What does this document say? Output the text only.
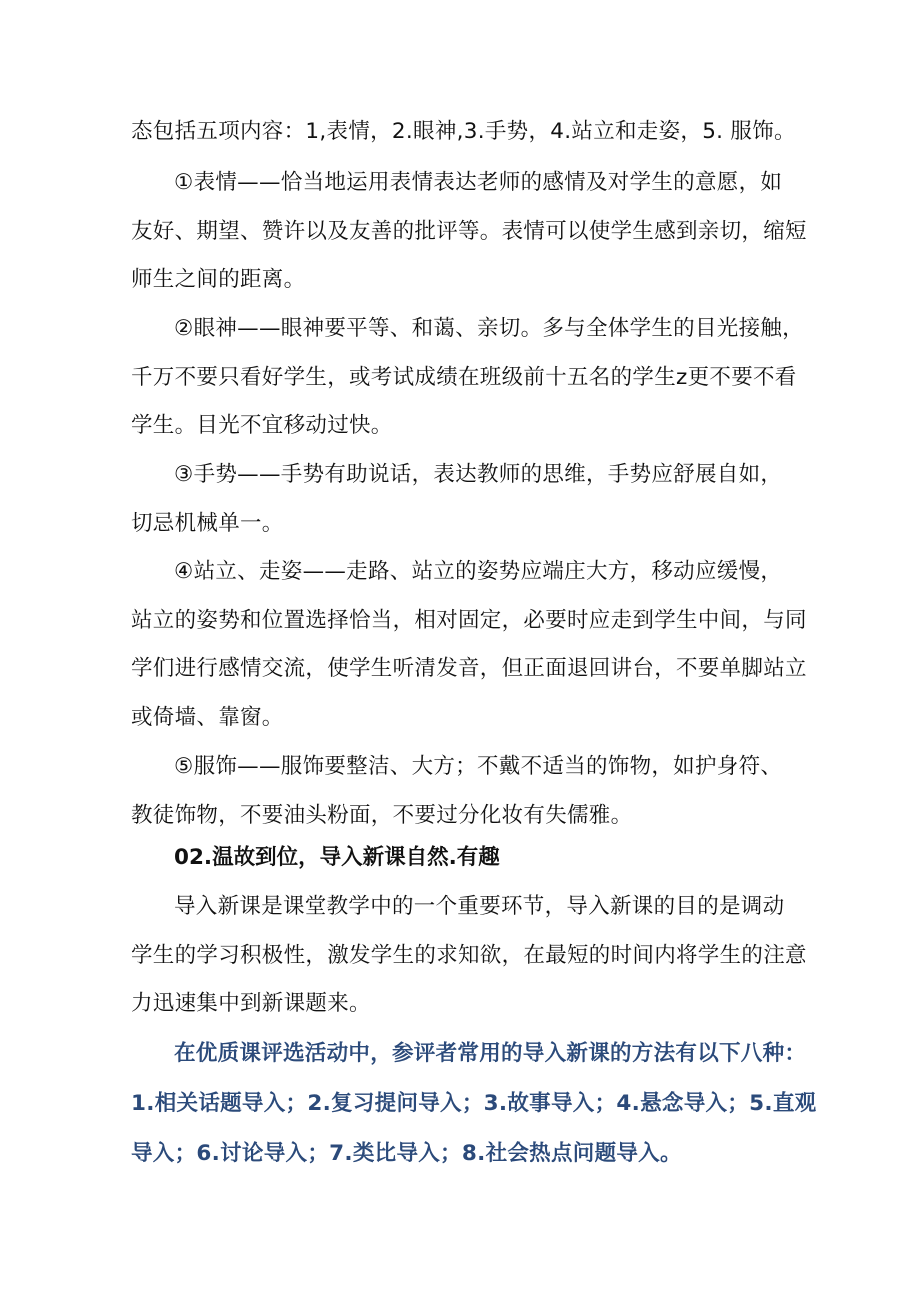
态包括五项内容：1,表情，2.眼神,3.手势，4.站立和走姿，5. 服饰。

①表情——恰当地运用表情表达老师的感情及对学生的意愿，如
友好、期望、赞许以及友善的批评等。表情可以使学生感到亲切，缩短
师生之间的距离。

②眼神——眼神要平等、和蔼、亲切。多与全体学生的目光接触，
千万不要只看好学生，或考试成绩在班级前十五名的学生z更不要不看
学生。目光不宜移动过快。

③手势——手势有助说话，表达教师的思维，手势应舒展自如，
切忌机械单一。

④站立、走姿——走路、站立的姿势应端庄大方，移动应缓慢，
站立的姿势和位置选择恰当，相对固定，必要时应走到学生中间，与同
学们进行感情交流，使学生听清发音，但正面退回讲台，不要单脚站立
或倚墙、靠窗。

⑤服饰——服饰要整洁、大方；不戴不适当的饰物，如护身符、
教徒饰物，不要油头粉面，不要过分化妆有失儒雅。

02.温故到位，导入新课自然.有趣

导入新课是课堂教学中的一个重要环节，导入新课的目的是调动
学生的学习积极性，激发学生的求知欲，在最短的时间内将学生的注意
力迅速集中到新课题来。

在优质课评选活动中，参评者常用的导入新课的方法有以下八种：
1.相关话题导入；2.复习提问导入；3.故事导入；4.悬念导入；5.直观
导入；6.讨论导入；7.类比导入；8.社会热点问题导入。
